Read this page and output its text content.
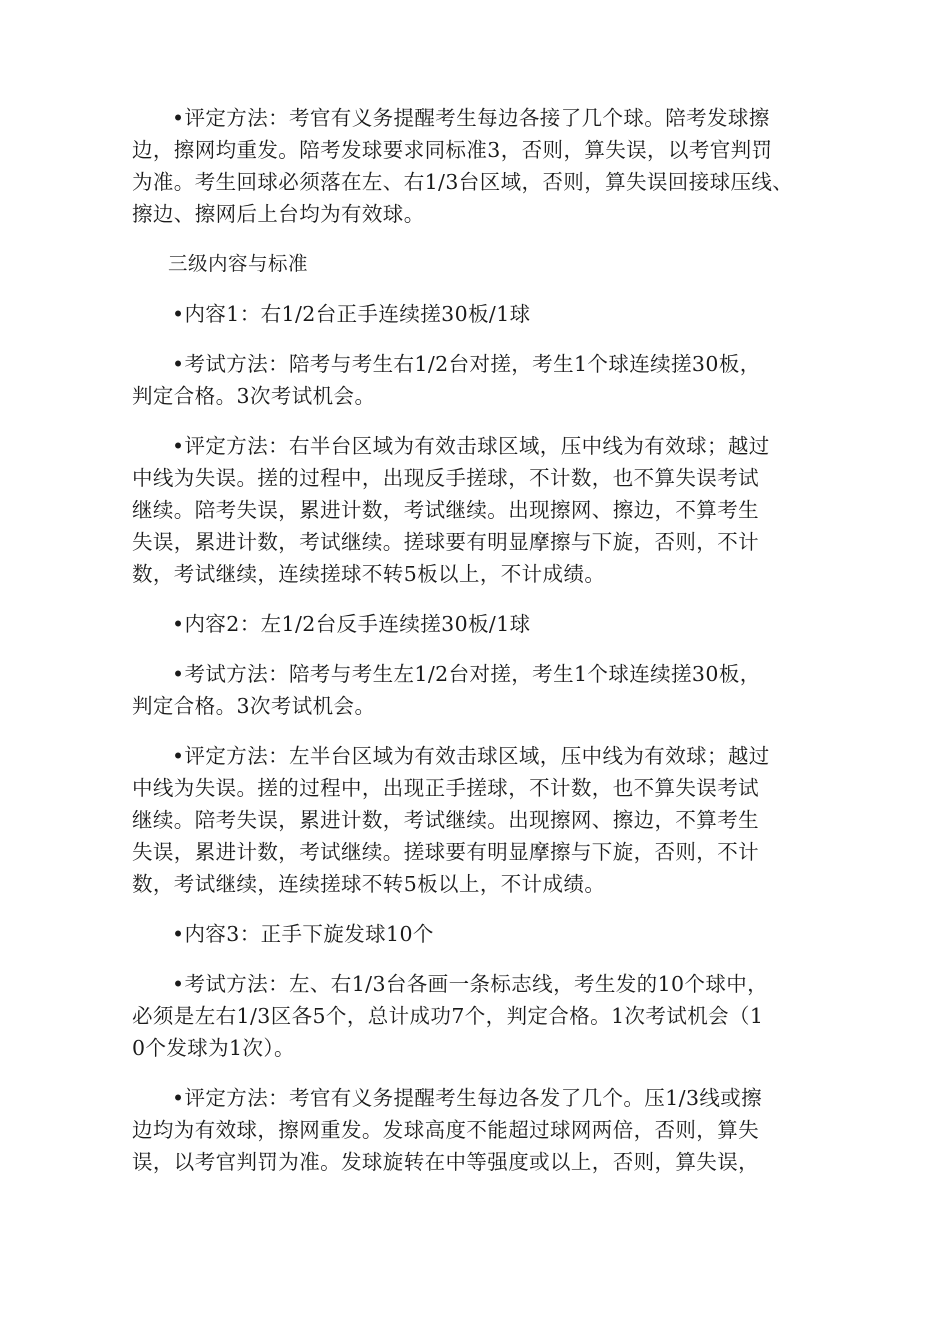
•评定方法：考官有义务提醒考生每边各接了几个球。陪考发球擦
边，擦网均重发。陪考发球要求同标准3，否则，算失误，以考官判罚
为准。考生回球必须落在左、右1/3台区域，否则，算失误回接球压线、
擦边、擦网后上台均为有效球。

三级内容与标准

•内容1：右1/2台正手连续搓30板/1球

•考试方法：陪考与考生右1/2台对搓，考生1个球连续搓30板，
判定合格。3次考试机会。

•评定方法：右半台区域为有效击球区域，压中线为有效球；越过
中线为失误。搓的过程中，出现反手搓球，不计数，也不算失误考试
继续。陪考失误，累进计数，考试继续。出现擦网、擦边，不算考生
失误，累进计数，考试继续。搓球要有明显摩擦与下旋，否则，不计
数，考试继续，连续搓球不转5板以上，不计成绩。

•内容2：左1/2台反手连续搓30板/1球

•考试方法：陪考与考生左1/2台对搓，考生1个球连续搓30板，
判定合格。3次考试机会。

•评定方法：左半台区域为有效击球区域，压中线为有效球；越过
中线为失误。搓的过程中，出现正手搓球，不计数，也不算失误考试
继续。陪考失误，累进计数，考试继续。出现擦网、擦边，不算考生
失误，累进计数，考试继续。搓球要有明显摩擦与下旋，否则，不计
数，考试继续，连续搓球不转5板以上，不计成绩。

•内容3：正手下旋发球10个

•考试方法：左、右1/3台各画一条标志线，考生发的10个球中，
必须是左右1/3区各5个，总计成功7个，判定合格。1次考试机会（1
0个发球为1次）。

•评定方法：考官有义务提醒考生每边各发了几个。压1/3线或擦
边均为有效球，擦网重发。发球高度不能超过球网两倍，否则，算失
误，以考官判罚为准。发球旋转在中等强度或以上，否则，算失误，
